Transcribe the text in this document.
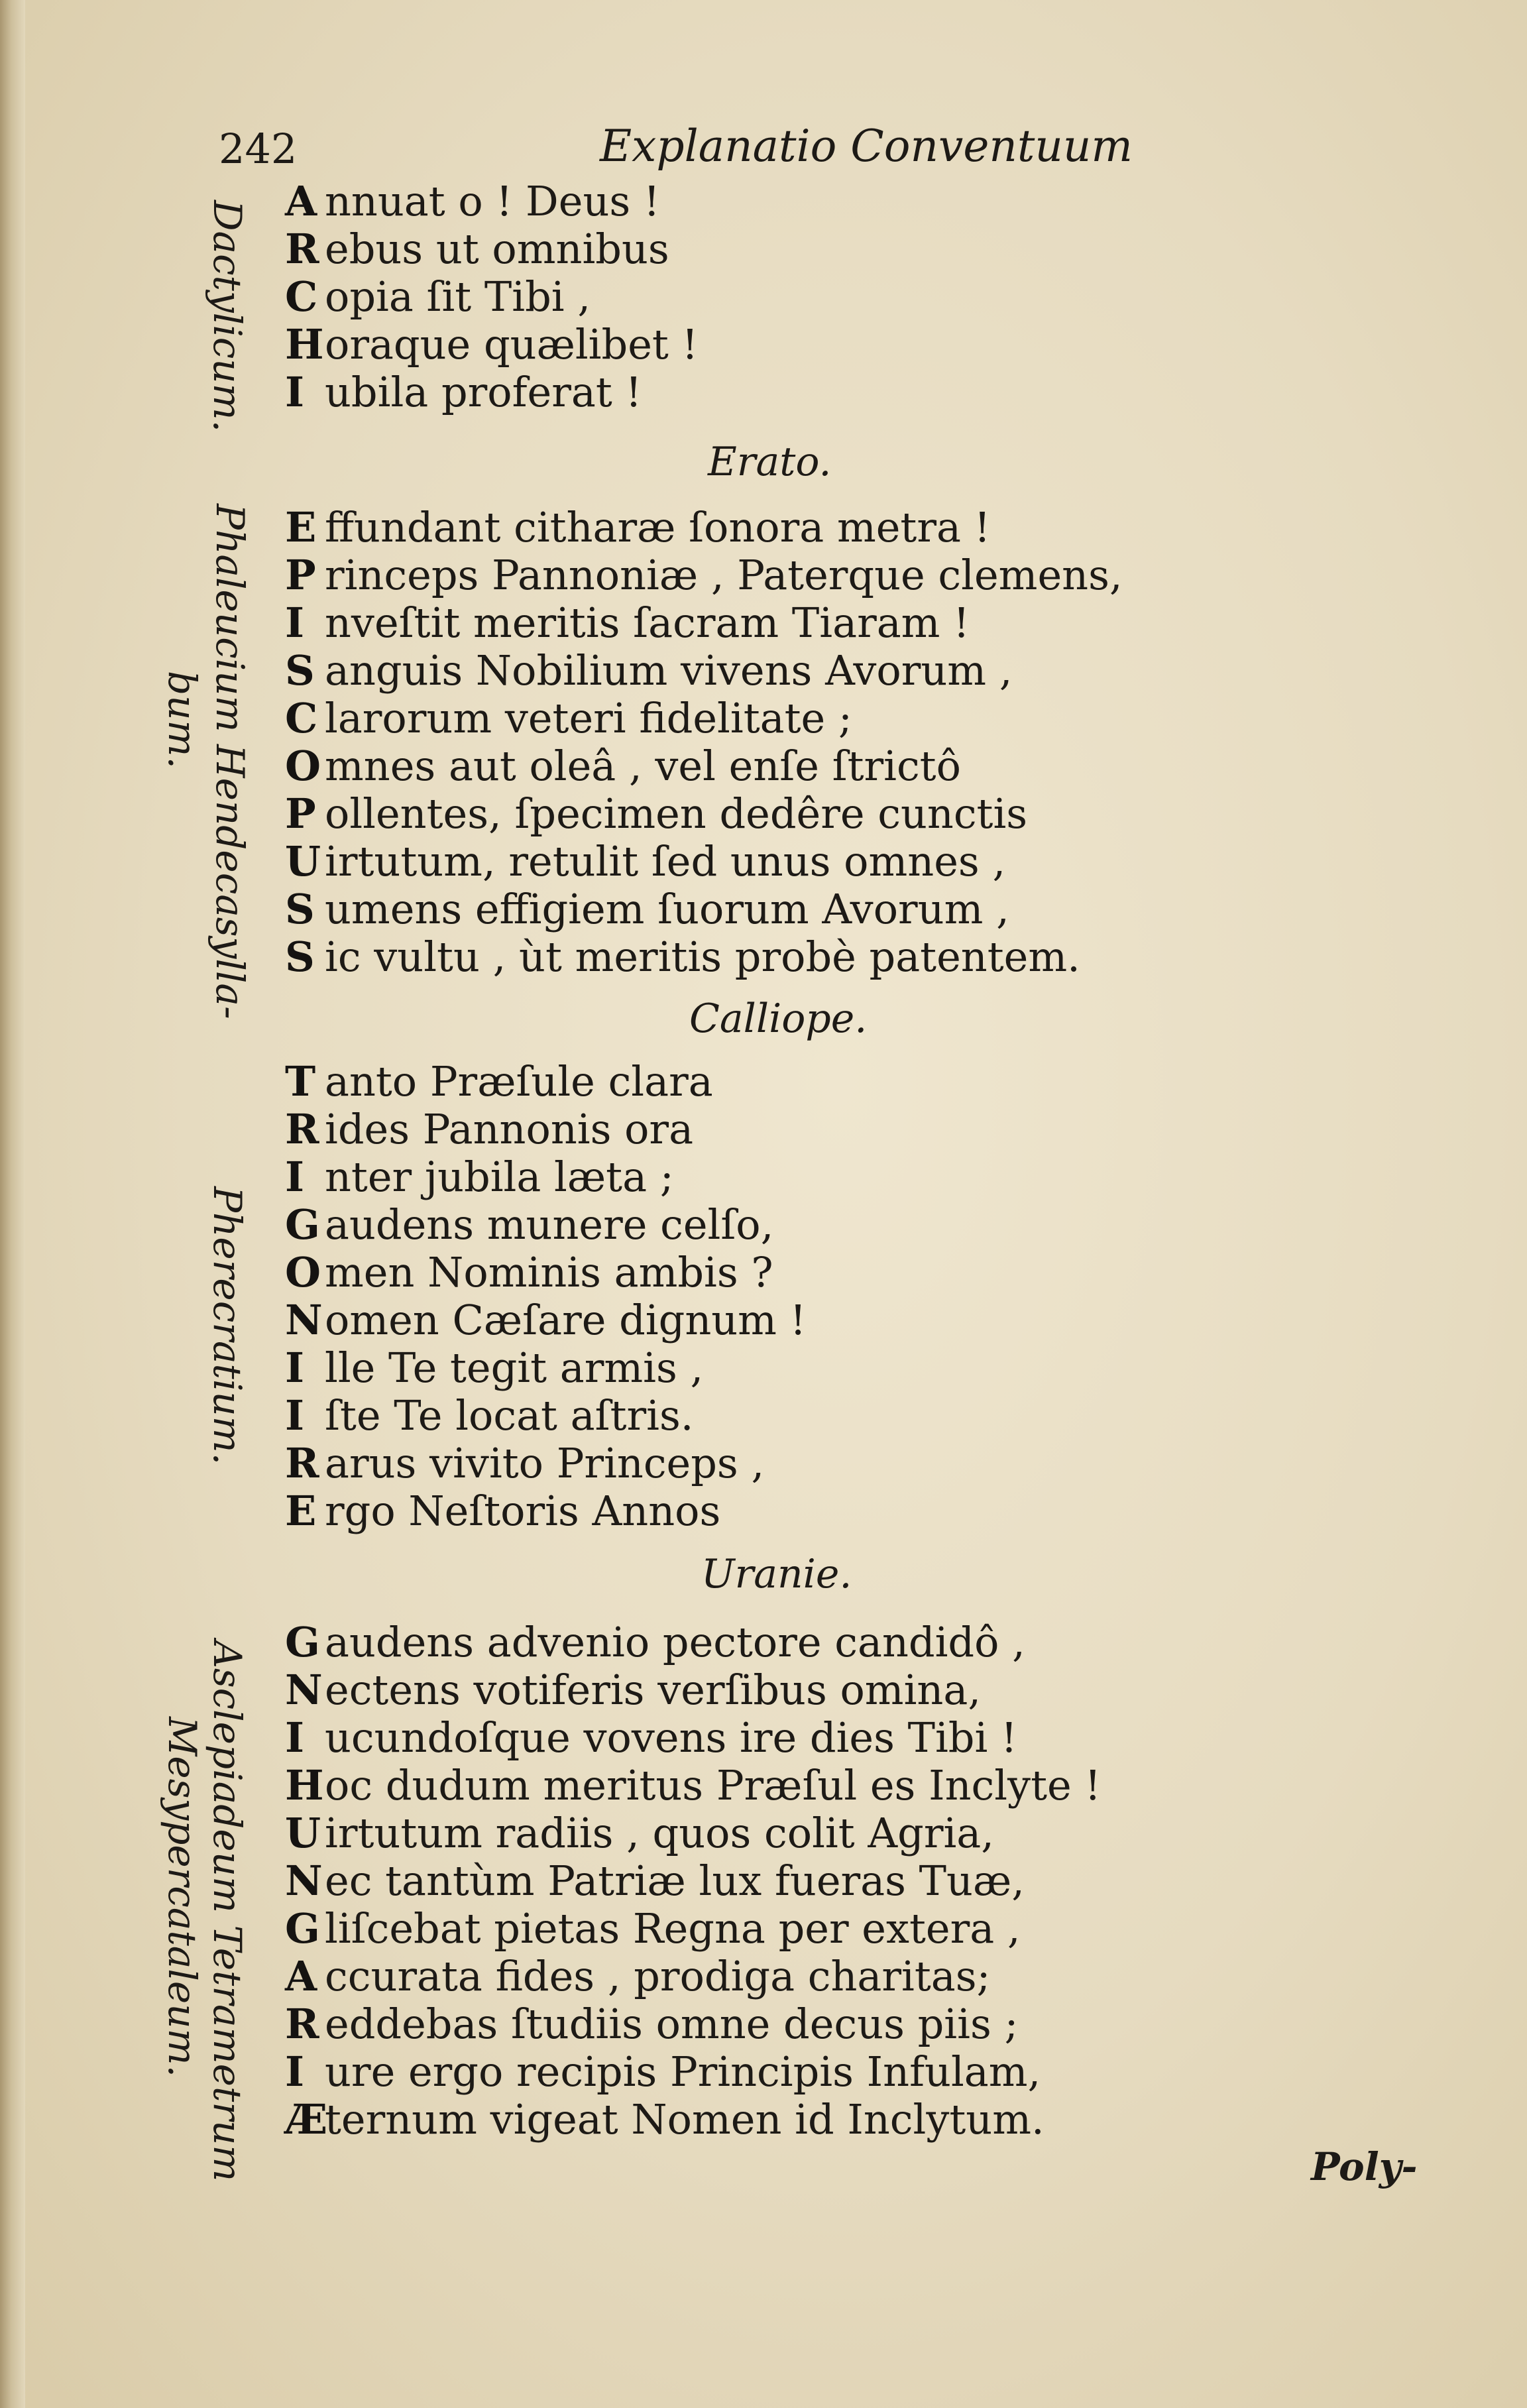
242	Explanatio Conventuum
Dactylicum.
Phaleucium Hendecasylla-
bum.
Pherecratium.
Asclepiadeum Tetrametrum
Mesypercataleum.
A nnuat o ! Deus !
R ebus ut omnibus
C opia ſit Tibi ,
Horaque quælibet !
I ubila proferat !
Erato.
E ffundant citharæ ſonora metra !
P rinceps Pannoniæ , Paterque clemens,
I nveſtit meritis ſacram Tiaram !
S anguis Nobilium vivens Avorum ,
C larorum veteri fidelitate ;
Omnes aut oleâ , vel enſe ſtrictô
P ollentes, ſpecimen dedêre cunctis
Uirtutum, retulit ſed unus omnes ,
S umens effigiem ſuorum Avorum ,
S ic vultu , ùt meritis probè patentem.
Calliope.
T anto Præſule clara
R ides Pannonis ora
I nter jubila læta ;
G audens munere celſo,
Omen Nominis ambis ?
Nomen Cæſare dignum !
I lle Te tegit armis ,
I ſte Te locat aſtris.
R arus vivito Princeps ,
E rgo Neſtoris Annos
Uranie.
G audens advenio pectore candidô ,
Nectens votiferis verſibus omina,
I ucundoſque vovens ire dies Tibi !
Hoc dudum meritus Præſul es Inclyte !
Uirtutum radiis , quos colit Agria,
Nec tantùm Patriæ lux fueras Tuæ,
G liſcebat pietas Regna per extera ,
A ccurata fides , prodiga charitas;
R eddebas ſtudiis omne decus piis ;
I ure ergo recipis Principis Infulam,
Æternum vigeat Nomen id Inclytum.
Poly-
